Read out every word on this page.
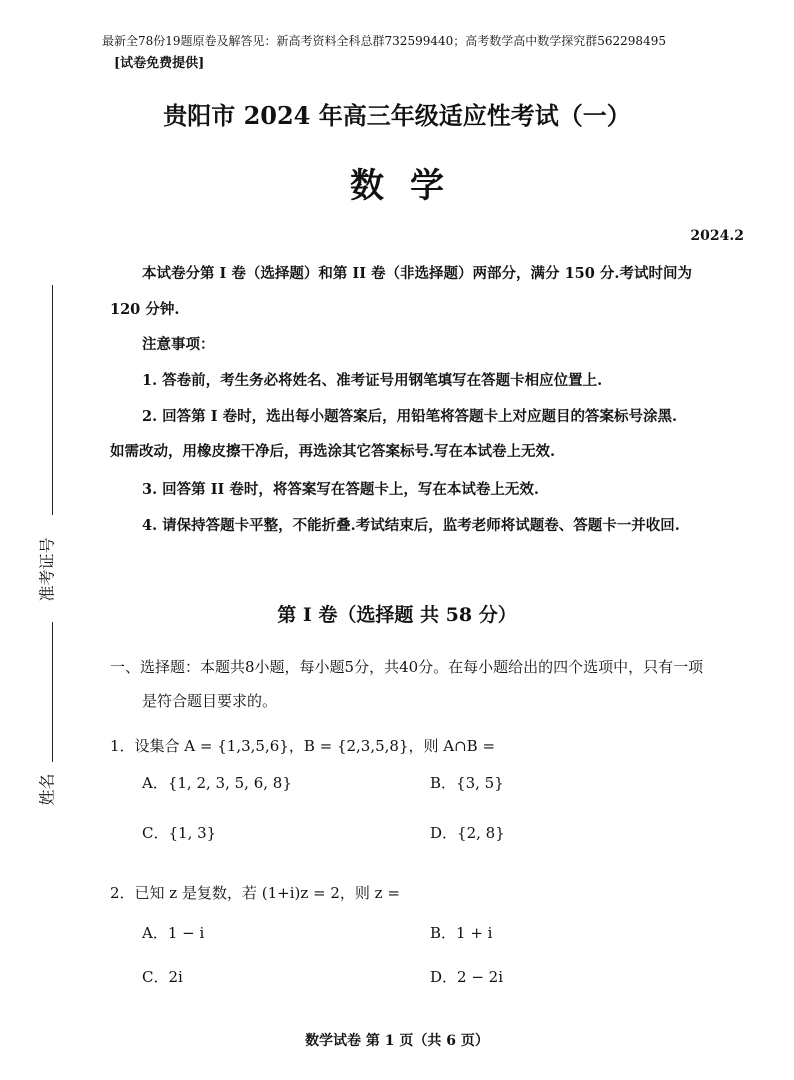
最新全78份19题原卷及解答见：新高考资料全科总群732599440；高考数学高中数学探究群562298495
[试卷免费提供]
贵阳市 2024 年高三年级适应性考试（一）
数学
2024.2
本试卷分第 I 卷（选择题）和第 II 卷（非选择题）两部分，满分 150 分.考试时间为
120 分钟.
注意事项：
1. 答卷前，考生务必将姓名、准考证号用钢笔填写在答题卡相应位置上.
2. 回答第 I 卷时，选出每小题答案后，用铅笔将答题卡上对应题目的答案标号涂黑.
如需改动，用橡皮擦干净后，再选涂其它答案标号.写在本试卷上无效.
3. 回答第 II 卷时，将答案写在答题卡上，写在本试卷上无效.
4. 请保持答题卡平整，不能折叠.考试结束后，监考老师将试题卷、答题卡一并收回.
第 I 卷（选择题 共 58 分）
一、选择题：本题共8小题，每小题5分，共40分。在每小题给出的四个选项中，只有一项
是符合题目要求的。
1．设集合 A = {1,3,5,6}，B = {2,3,5,8}，则 A∩B =
A．{1, 2, 3, 5, 6, 8}	B．{3, 5}
C．{1, 3}	D．{2, 8}
2．已知 z 是复数，若 (1+i)z = 2，则 z =
A．1 − i	B．1 + i
C．2i	D．2 − 2i
准考证号
姓名
数学试卷 第 1 页（共 6 页）
